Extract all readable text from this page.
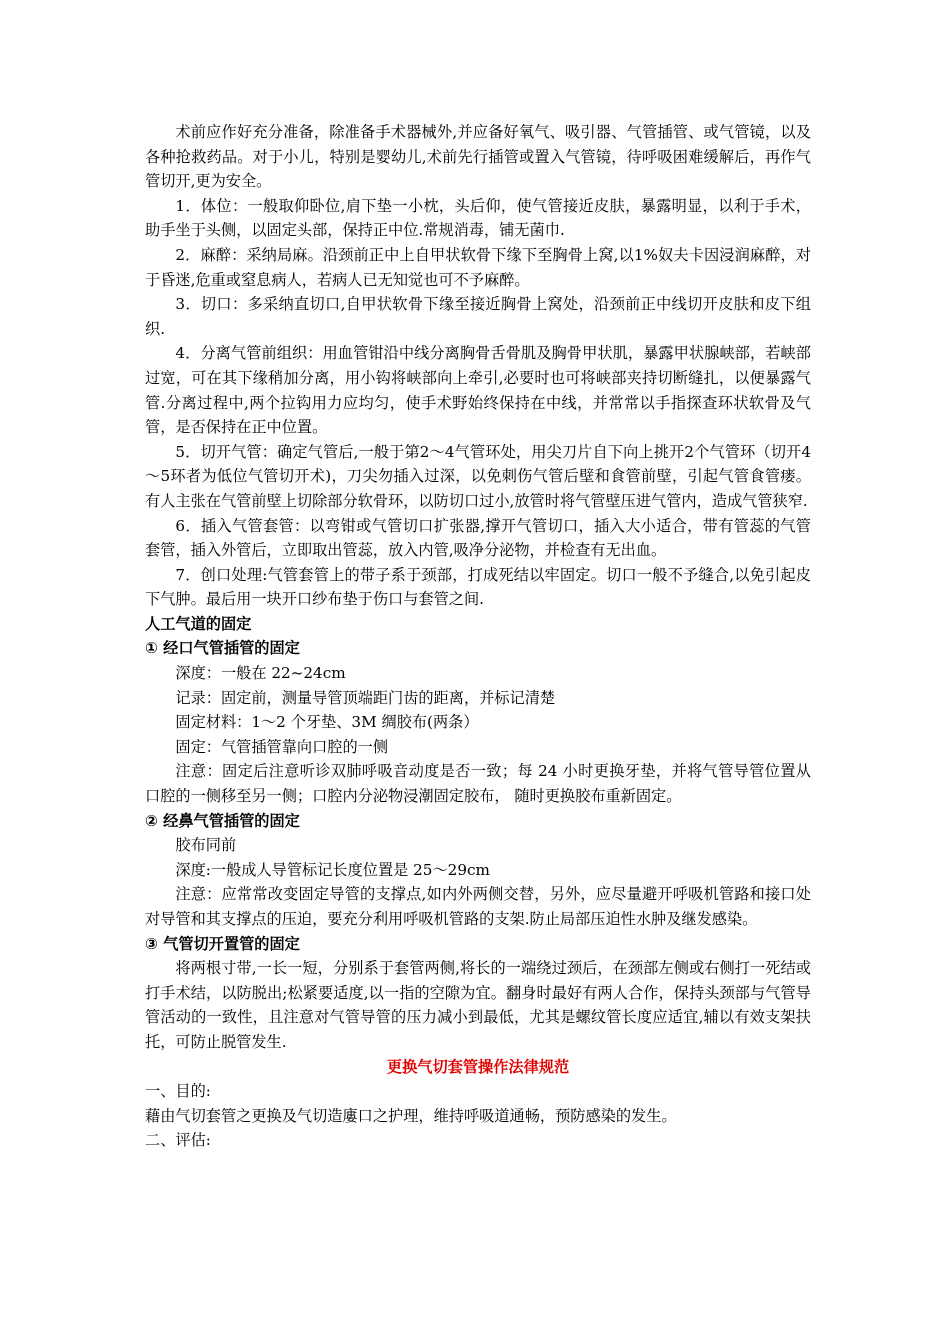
术前应作好充分准备，除准备手术器械外,并应备好氧气、吸引器、气管插管、或气管镜，以及各种抢救药品。对于小儿，特别是婴幼儿,术前先行插管或置入气管镜，待呼吸困难缓解后，再作气管切开,更为安全。

1．体位：一般取仰卧位,肩下垫一小枕，头后仰，使气管接近皮肤，暴露明显，以利于手术，助手坐于头侧，以固定头部，保持正中位.常规消毒，铺无菌巾.

2．麻醉：采纳局麻。沿颈前正中上自甲状软骨下缘下至胸骨上窝,以1%奴夫卡因浸润麻醉，对于昏迷,危重或窒息病人，若病人已无知觉也可不予麻醉。

3．切口：多采纳直切口,自甲状软骨下缘至接近胸骨上窝处，沿颈前正中线切开皮肤和皮下组织.

4．分离气管前组织：用血管钳沿中线分离胸骨舌骨肌及胸骨甲状肌，暴露甲状腺峡部，若峡部过宽，可在其下缘稍加分离，用小钩将峡部向上牵引,必要时也可将峡部夹持切断缝扎，以便暴露气管.分离过程中,两个拉钩用力应均匀，使手术野始终保持在中线，并常常以手指探查环状软骨及气管，是否保持在正中位置。

5．切开气管：确定气管后,一般于第2～4气管环处，用尖刀片自下向上挑开2个气管环（切开4～5环者为低位气管切开术)，刀尖勿插入过深，以免刺伤气管后壁和食管前壁，引起气管食管瘘。有人主张在气管前壁上切除部分软骨环，以防切口过小,放管时将气管壁压进气管内，造成气管狭窄.

6．插入气管套管：以弯钳或气管切口扩张器,撑开气管切口，插入大小适合，带有管蕊的气管套管，插入外管后，立即取出管蕊，放入内管,吸净分泌物，并检查有无出血。

7．创口处理:气管套管上的带子系于颈部，打成死结以牢固定。切口一般不予缝合,以免引起皮下气肿。最后用一块开口纱布垫于伤口与套管之间.

人工气道的固定

① 经口气管插管的固定

深度：一般在 22~24cm

记录：固定前，测量导管顶端距门齿的距离，并标记清楚

固定材料：1～2 个牙垫、3M 绸胶布(两条）

固定：气管插管靠向口腔的一侧

注意：固定后注意听诊双肺呼吸音动度是否一致；每 24 小时更换牙垫，并将气管导管位置从口腔的一侧移至另一侧；口腔内分泌物浸潮固定胶布， 随时更换胶布重新固定。

② 经鼻气管插管的固定

胶布同前

深度:一般成人导管标记长度位置是 25～29cm

注意：应常常改变固定导管的支撑点,如内外两侧交替，另外，应尽量避开呼吸机管路和接口处对导管和其支撑点的压迫，要充分利用呼吸机管路的支架.防止局部压迫性水肿及继发感染。

③ 气管切开置管的固定

将两根寸带,一长一短，分别系于套管两侧,将长的一端绕过颈后，在颈部左侧或右侧打一死结或打手术结，以防脱出;松紧要适度,以一指的空隙为宜。翻身时最好有两人合作，保持头颈部与气管导管活动的一致性，且注意对气管导管的压力减小到最低，尤其是螺纹管长度应适宜,辅以有效支架扶托，可防止脱管发生.

更换气切套管操作法律规范

一、目的:

藉由气切套管之更换及气切造廔口之护理，维持呼吸道通畅，预防感染的发生。

二、评估:
